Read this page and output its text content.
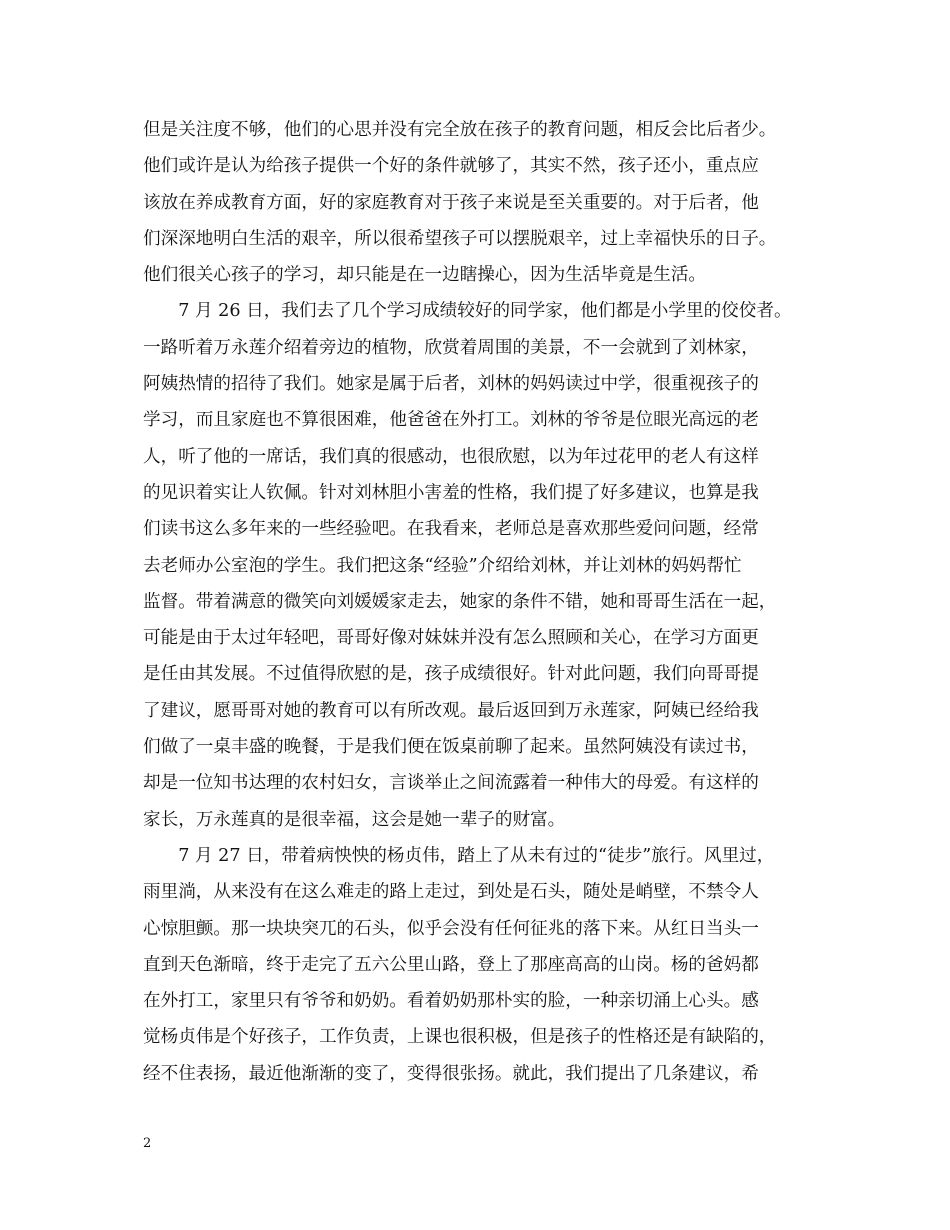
但是关注度不够，他们的心思并没有完全放在孩子的教育问题，相反会比后者少。
他们或许是认为给孩子提供一个好的条件就够了，其实不然，孩子还小，重点应
该放在养成教育方面，好的家庭教育对于孩子来说是至关重要的。对于后者，他
们深深地明白生活的艰辛，所以很希望孩子可以摆脱艰辛，过上幸福快乐的日子。
他们很关心孩子的学习，却只能是在一边瞎操心，因为生活毕竟是生活。
　　7 月 26 日，我们去了几个学习成绩较好的同学家，他们都是小学里的佼佼者。
一路听着万永莲介绍着旁边的植物，欣赏着周围的美景，不一会就到了刘林家，
阿姨热情的招待了我们。她家是属于后者，刘林的妈妈读过中学，很重视孩子的
学习，而且家庭也不算很困难，他爸爸在外打工。刘林的爷爷是位眼光高远的老
人，听了他的一席话，我们真的很感动，也很欣慰，以为年过花甲的老人有这样
的见识着实让人钦佩。针对刘林胆小害羞的性格，我们提了好多建议，也算是我
们读书这么多年来的一些经验吧。在我看来，老师总是喜欢那些爱问问题，经常
去老师办公室泡的学生。我们把这条“经验”介绍给刘林，并让刘林的妈妈帮忙
监督。带着满意的微笑向刘媛媛家走去，她家的条件不错，她和哥哥生活在一起，
可能是由于太过年轻吧，哥哥好像对妹妹并没有怎么照顾和关心，在学习方面更
是任由其发展。不过值得欣慰的是，孩子成绩很好。针对此问题，我们向哥哥提
了建议，愿哥哥对她的教育可以有所改观。最后返回到万永莲家，阿姨已经给我
们做了一桌丰盛的晚餐，于是我们便在饭桌前聊了起来。虽然阿姨没有读过书，
却是一位知书达理的农村妇女，言谈举止之间流露着一种伟大的母爱。有这样的
家长，万永莲真的是很幸福，这会是她一辈子的财富。
　　7 月 27 日，带着病怏怏的杨贞伟，踏上了从未有过的“徒步”旅行。风里过，
雨里淌，从来没有在这么难走的路上走过，到处是石头，随处是峭壁，不禁令人
心惊胆颤。那一块块突兀的石头，似乎会没有任何征兆的落下来。从红日当头一
直到天色渐暗，终于走完了五六公里山路，登上了那座高高的山岗。杨的爸妈都
在外打工，家里只有爷爷和奶奶。看着奶奶那朴实的脸，一种亲切涌上心头。感
觉杨贞伟是个好孩子，工作负责，上课也很积极，但是孩子的性格还是有缺陷的，
经不住表扬，最近他渐渐的变了，变得很张扬。就此，我们提出了几条建议，希
2
